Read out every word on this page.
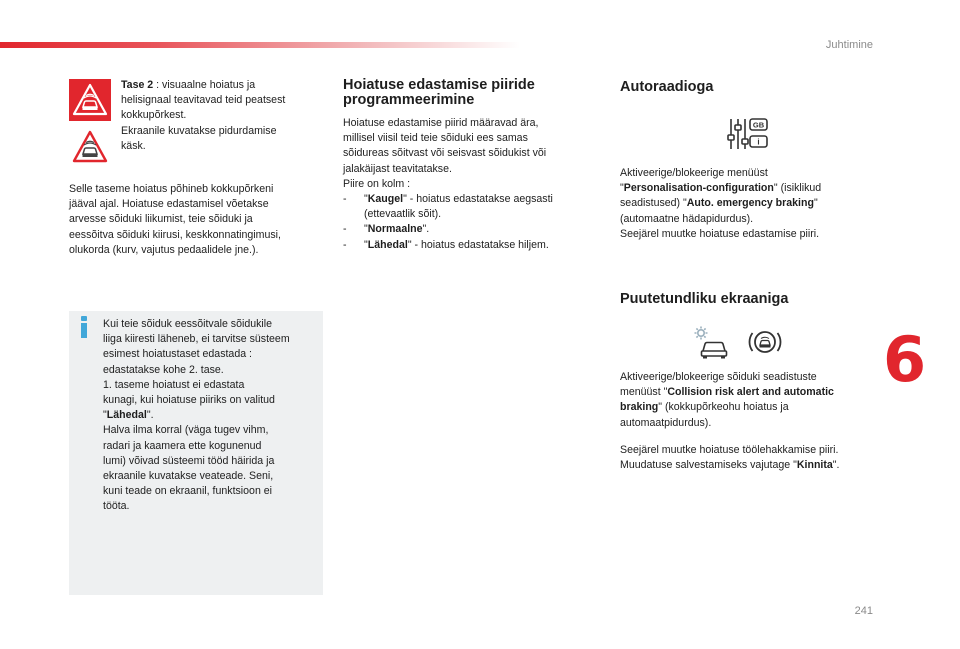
Juhtimine
241
6
Tase 2 : visuaalne hoiatus ja
helisignaal teavitavad teid peatsest
kokkupõrkest.
Ekraanile kuvatakse pidurdamise
käsk.
Selle taseme hoiatus põhineb kokkupõrkeni
jääval ajal. Hoiatuse edastamisel võetakse
arvesse sõiduki liikumist, teie sõiduki ja
eessõitva sõiduki kiirusi, keskkonnatingimusi,
olukorda (kurv, vajutus pedaalidele jne.).
Kui teie sõiduk eessõitvale sõidukile
liiga kiiresti läheneb, ei tarvitse süsteem
esimest hoiatustaset edastada :
edastatakse kohe 2. tase.
1. taseme hoiatust ei edastata
kunagi, kui hoiatuse piiriks on valitud
"Lähedal".
Halva ilma korral (väga tugev vihm,
radari ja kaamera ette kogunenud
lumi) võivad süsteemi tööd häirida ja
ekraanile kuvatakse veateade. Seni,
kuni teade on ekraanil, funktsioon ei
tööta.
Hoiatuse edastamise piiride
programmeerimine
Hoiatuse edastamise piirid määravad ära,
millisel viisil teid teie sõiduki ees samas
sõidureas sõitvast või seisvast sõidukist või
jalakäijast teavitatakse.
Piire on kolm :
- "Kaugel" - hoiatus edastatakse aegsasti
(ettevaatlik sõit).
- "Normaalne".
- "Lähedal" - hoiatus edastatakse hiljem.
Autoraadioga
GB
i
Aktiveerige/blokeerige menüüst
"Personalisation-configuration" (isiklikud
seadistused) "Auto. emergency braking"
(automaatne hädapidurdus).
Seejärel muutke hoiatuse edastamise piiri.
Puutetundliku ekraaniga
Aktiveerige/blokeerige sõiduki seadistuste
menüüst "Collision risk alert and automatic
braking" (kokkupõrkeohu hoiatus ja
automaatpidurdus).
Seejärel muutke hoiatuse töölehakkamise piiri.
Muudatuse salvestamiseks vajutage "Kinnita".
